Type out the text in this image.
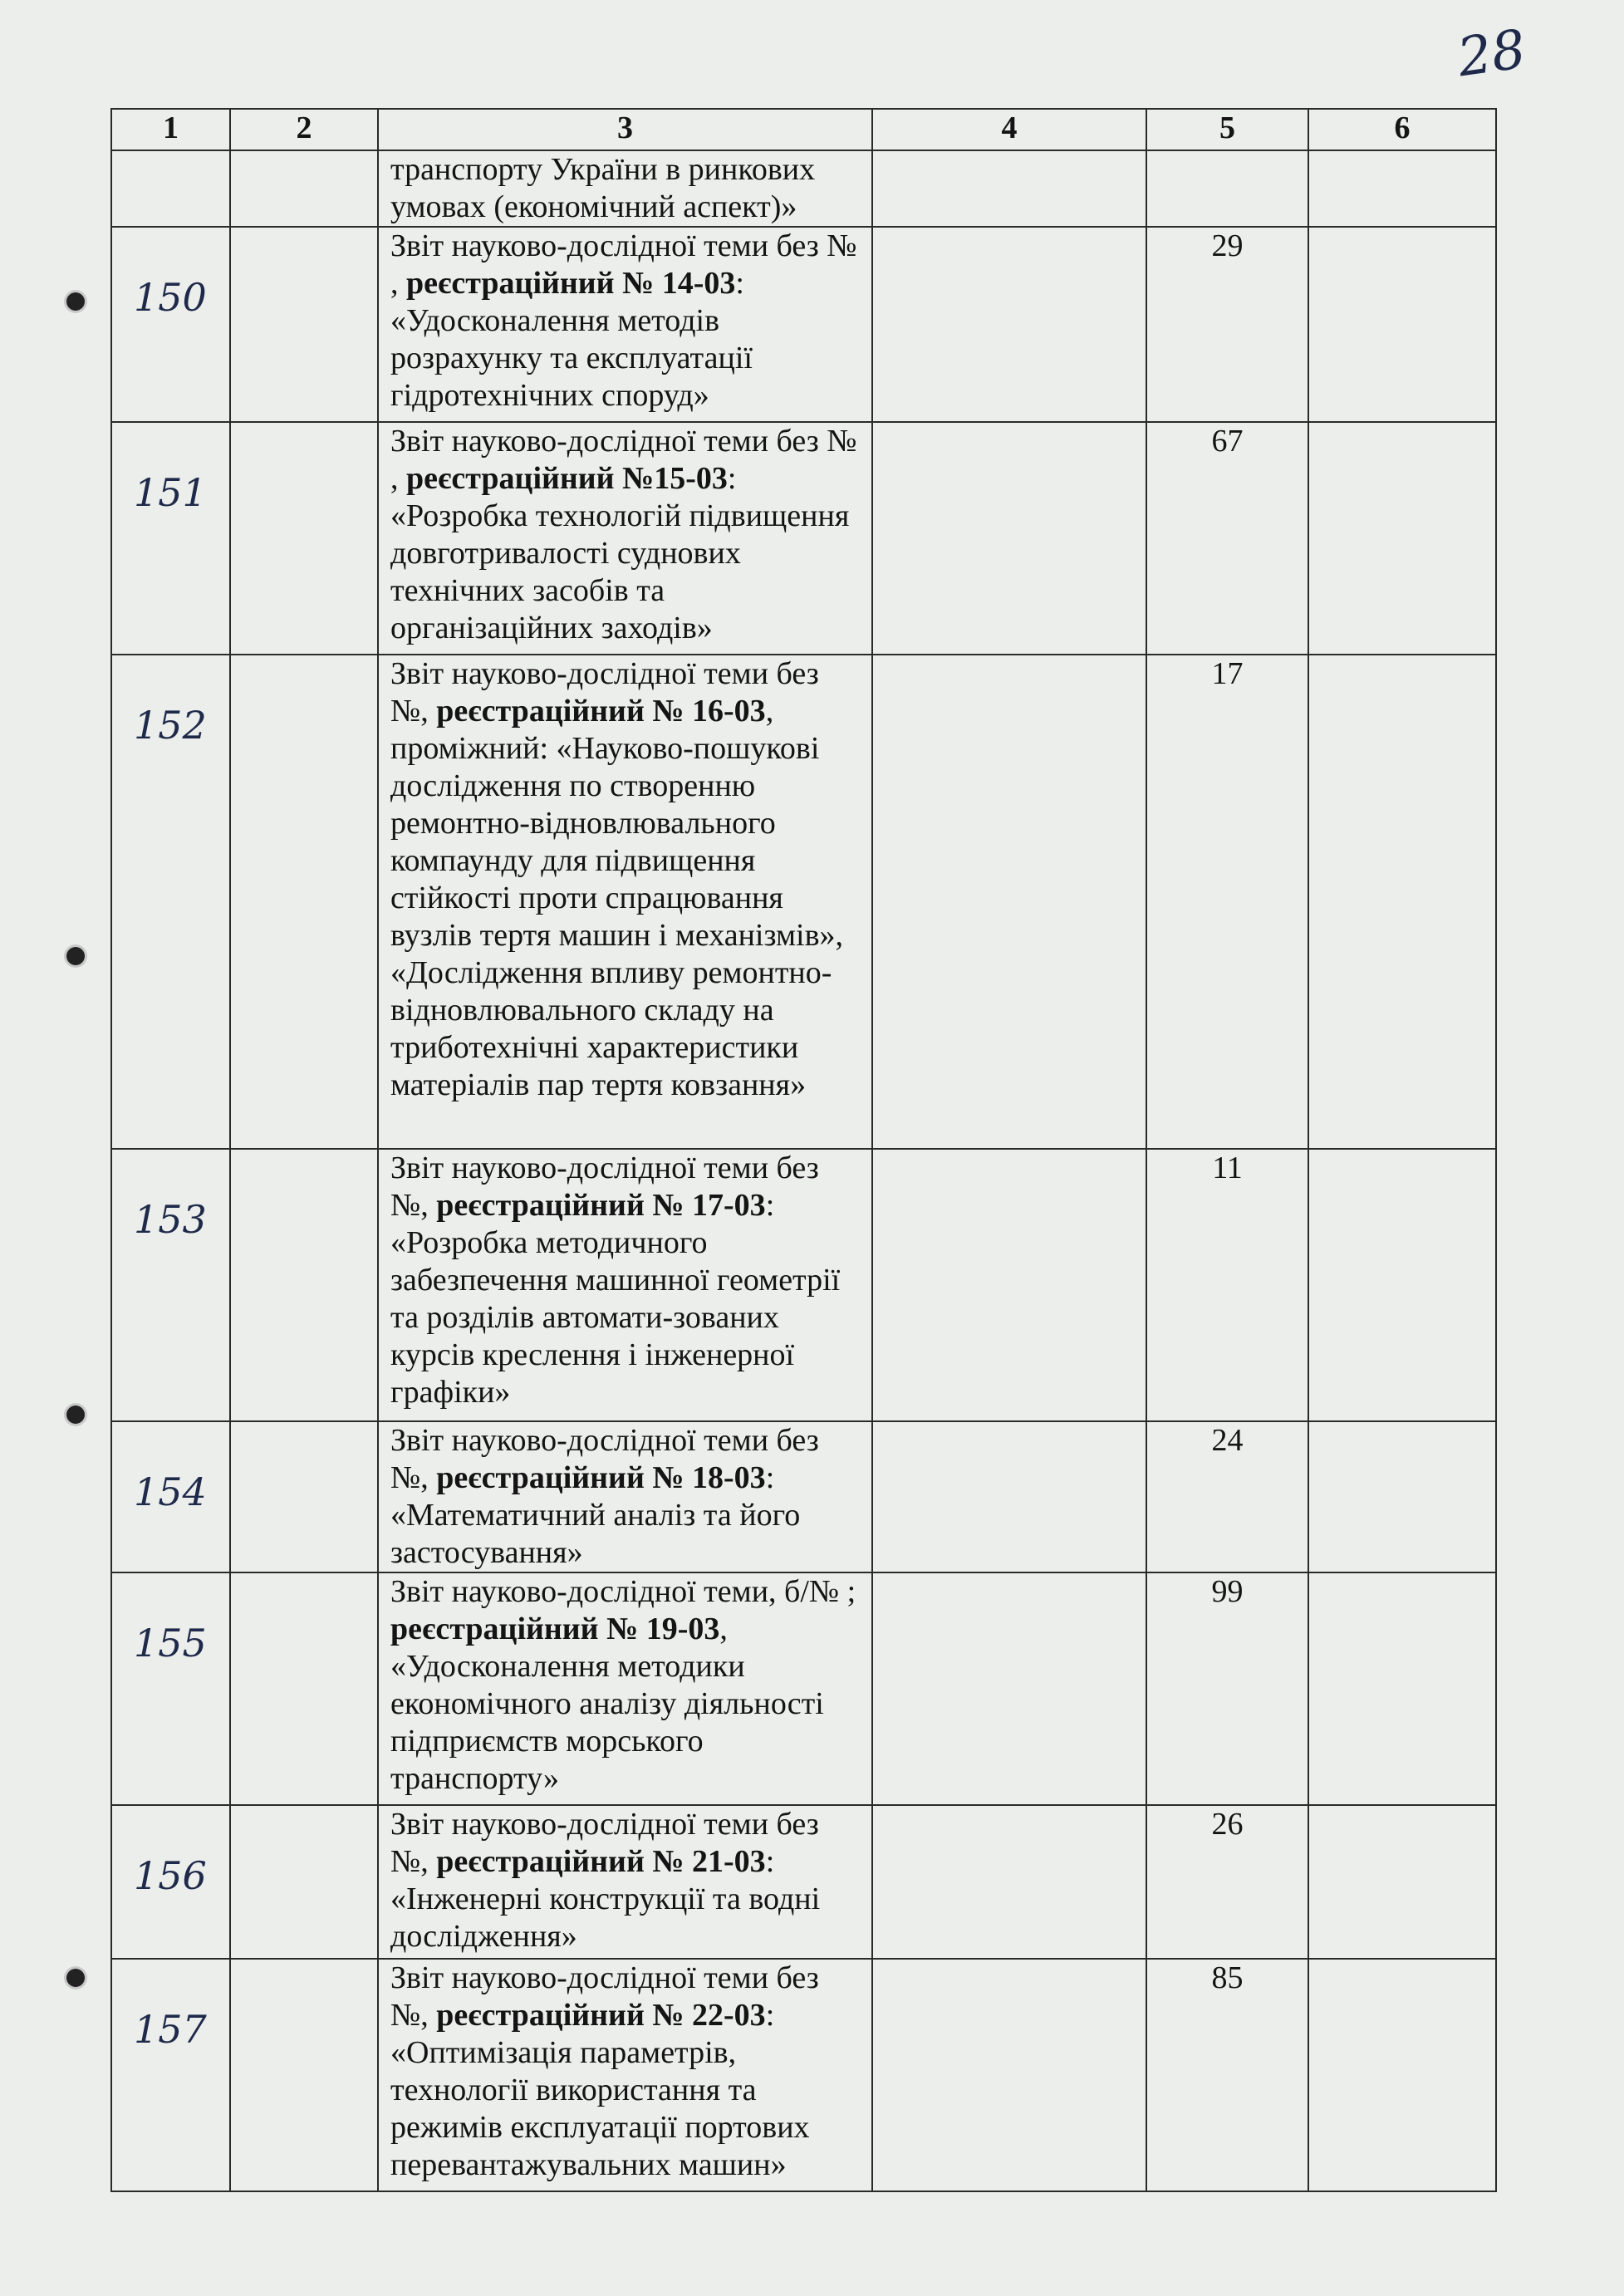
28
1	2	3	4	5	6

		транспорту України в ринкових умовах (економічний аспект)»			

150		Звіт науково-дослідної теми без № , реєстраційний № 14-03: «Удосконалення методів розрахунку та експлуатації гідротехнічних споруд»		29	

151		Звіт науково-дослідної теми без № , реєстраційний №15-03: «Розробка технологій підвищення довготривалості суднових технічних засобів та організаційних заходів»		67	

152		Звіт науково-дослідної теми без №, реєстраційний № 16-03, проміжний: «Науково-пошукові дослідження по створенню ремонтно-відновлювального компаунду для підвищення стійкості проти спрацювання вузлів тертя машин і механізмів», «Дослідження впливу ремонтно-відновлювального складу на триботехнічні характеристики матеріалів пар тертя ковзання»		17	

153		Звіт науково-дослідної теми без №, реєстраційний № 17-03: «Розробка методичного забезпечення машинної геометрії та розділів автомати-зованих курсів креслення і інженерної графіки»		11	

154		Звіт науково-дослідної теми без №, реєстраційний № 18-03: «Математичний аналіз та його застосування»		24	

155		Звіт науково-дослідної теми, б/№ ; реєстраційний № 19-03, «Удосконалення методики економічного аналізу діяльності підприємств морського транспорту»		99	

156		Звіт науково-дослідної теми без №, реєстраційний № 21-03: «Інженерні конструкції та водні дослідження»		26	

157		Звіт науково-дослідної теми без №, реєстраційний № 22-03: «Оптимізація параметрів, технології використання та режимів експлуатації портових перевантажувальних машин»		85	
